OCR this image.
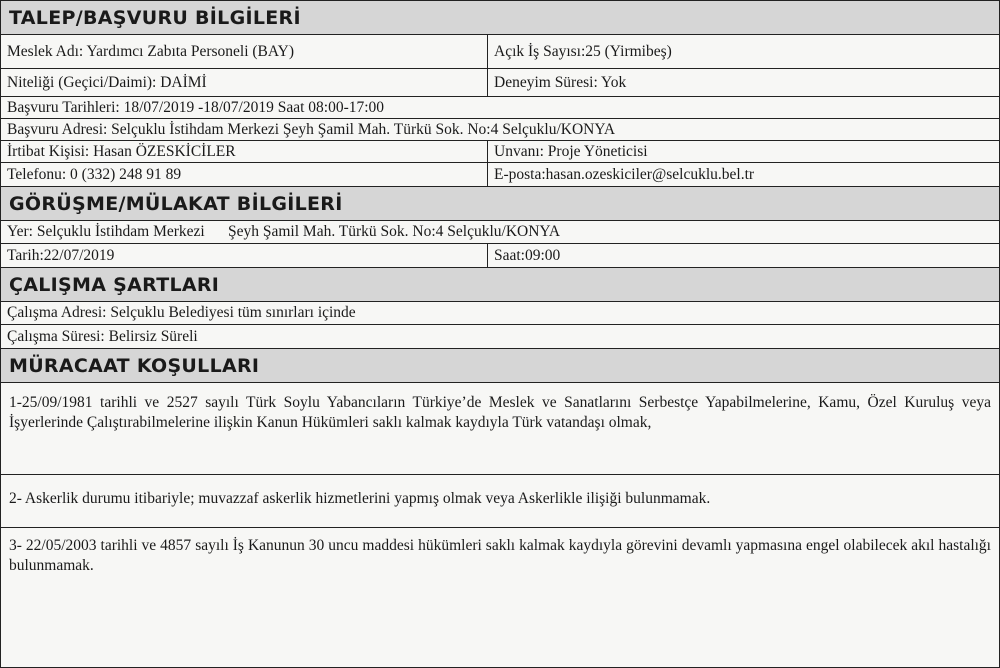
TALEP/BAŞVURU BİLGİLERİ
Meslek Adı: Yardımcı Zabıta Personeli (BAY)	Açık İş Sayısı:25 (Yirmibeş)
Niteliği (Geçici/Daimi): DAİMİ	Deneyim Süresi: Yok
Başvuru Tarihleri: 18/07/2019 -18/07/2019 Saat 08:00-17:00
Başvuru Adresi: Selçuklu İstihdam Merkezi Şeyh Şamil Mah. Türkü Sok. No:4 Selçuklu/KONYA
İrtibat Kişisi: Hasan ÖZESKİCİLER	Unvanı: Proje Yöneticisi
Telefonu: 0 (332) 248 91 89	E-posta:hasan.ozeskiciler@selcuklu.bel.tr
GÖRÜŞME/MÜLAKAT BİLGİLERİ
Yer: Selçuklu İstihdam Merkezi      Şeyh Şamil Mah. Türkü Sok. No:4 Selçuklu/KONYA
Tarih:22/07/2019	Saat:09:00
ÇALIŞMA ŞARTLARI
Çalışma Adresi: Selçuklu Belediyesi tüm sınırları içinde
Çalışma Süresi: Belirsiz Süreli
MÜRACAAT KOŞULLARI
1-25/09/1981 tarihli ve 2527 sayılı Türk Soylu Yabancıların Türkiye’de Meslek ve Sanatlarını Serbestçe Yapabilmelerine, Kamu, Özel Kuruluş veya İşyerlerinde Çalıştırabilmelerine ilişkin Kanun Hükümleri saklı kalmak kaydıyla Türk vatandaşı olmak,
2- Askerlik durumu itibariyle; muvazzaf askerlik hizmetlerini yapmış olmak veya Askerlikle ilişiği bulunmamak.
3- 22/05/2003 tarihli ve 4857 sayılı İş Kanunun 30 uncu maddesi hükümleri saklı kalmak kaydıyla görevini devamlı yapmasına engel olabilecek akıl hastalığı bulunmamak.
